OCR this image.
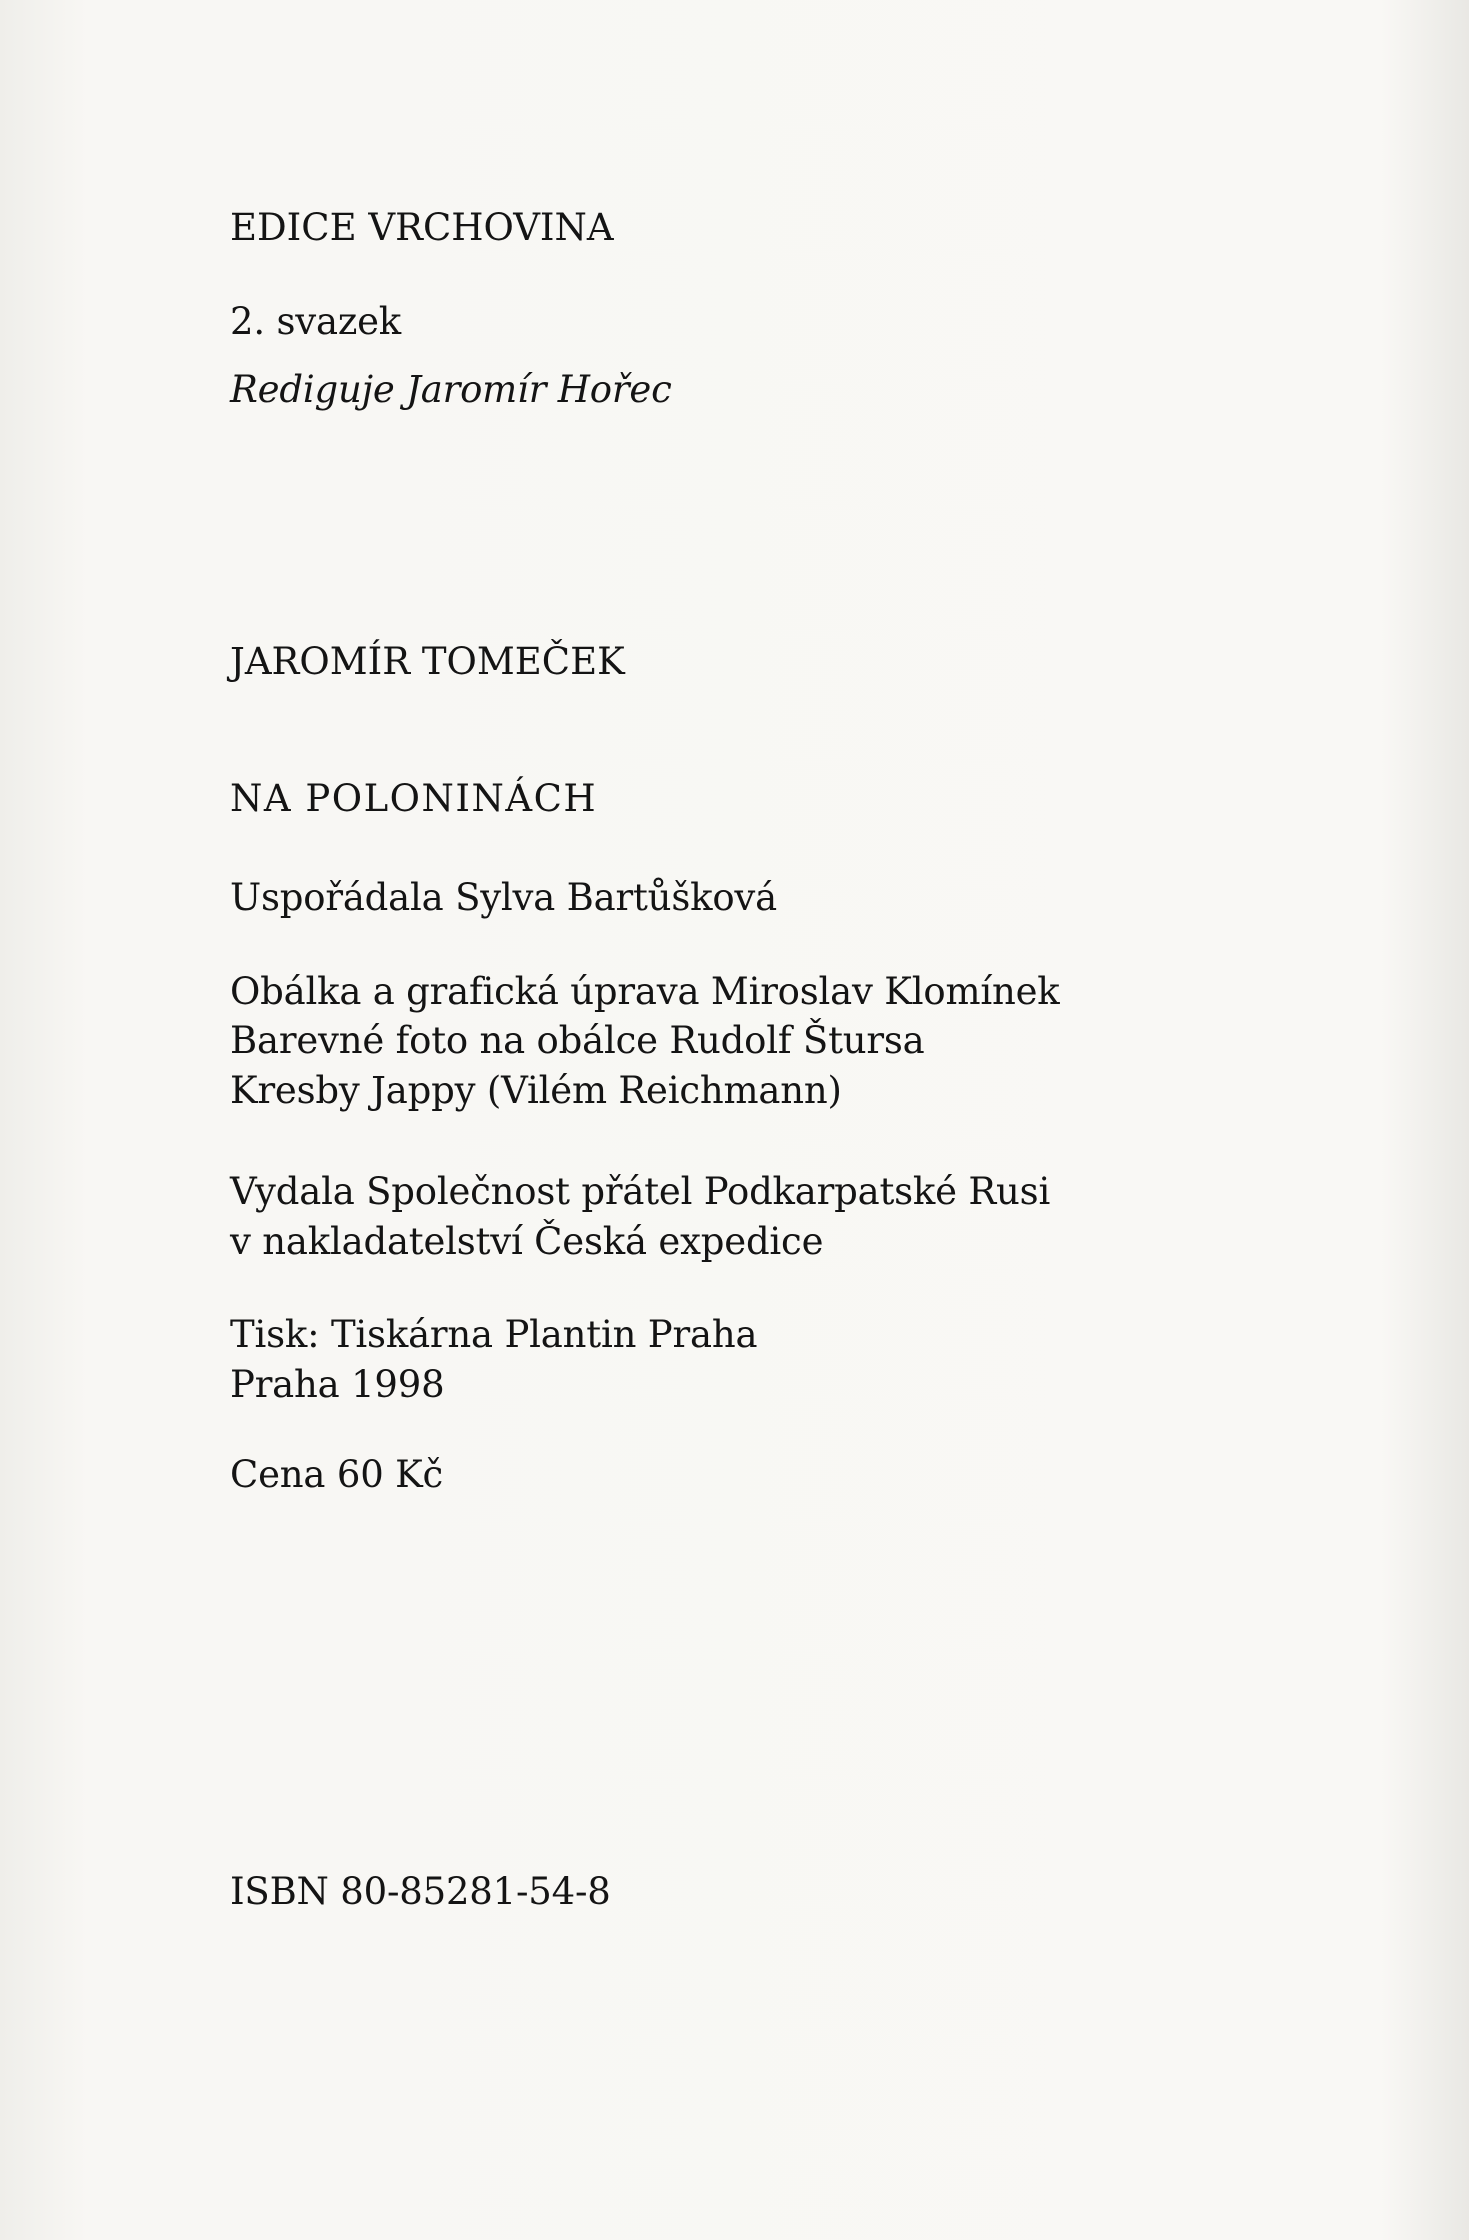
EDICE VRCHOVINA

2. svazek

Rediguje Jaromír Hořec

JAROMÍR TOMEČEK

NA POLONINÁCH

Uspořádala Sylva Bartůšková

Obálka a grafická úprava Miroslav Klomínek

Barevné foto na obálce Rudolf Štursa

Kresby Jappy (Vilém Reichmann)

Vydala Společnost přátel Podkarpatské Rusi

v nakladatelství Česká expedice

Tisk: Tiskárna Plantin Praha

Praha 1998

Cena 60 Kč

ISBN 80-85281-54-8
